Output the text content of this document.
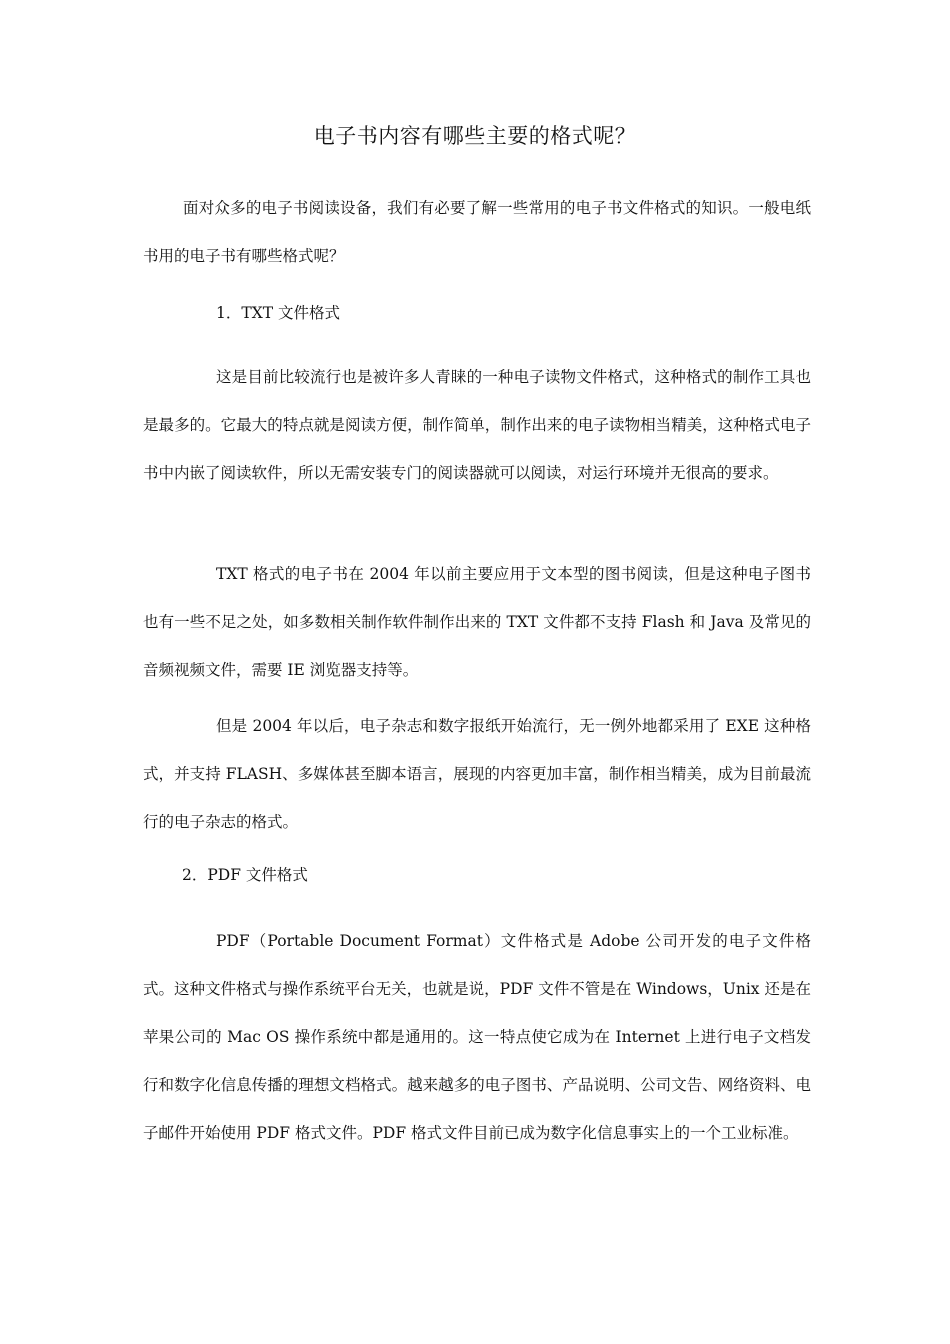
电子书内容有哪些主要的格式呢？

面对众多的电子书阅读设备，我们有必要了解一些常用的电子书文件格式的知识。一般电纸书用的电子书有哪些格式呢？

1．TXT 文件格式

这是目前比较流行也是被许多人青睐的一种电子读物文件格式，这种格式的制作工具也是最多的。它最大的特点就是阅读方便，制作简单，制作出来的电子读物相当精美，这种格式电子书中内嵌了阅读软件，所以无需安装专门的阅读器就可以阅读，对运行环境并无很高的要求。

TXT 格式的电子书在 2004 年以前主要应用于文本型的图书阅读，但是这种电子图书也有一些不足之处，如多数相关制作软件制作出来的 TXT 文件都不支持 Flash 和 Java 及常见的音频视频文件，需要 IE 浏览器支持等。

但是 2004 年以后，电子杂志和数字报纸开始流行，无一例外地都采用了 EXE 这种格式，并支持 FLASH、多媒体甚至脚本语言，展现的内容更加丰富，制作相当精美，成为目前最流行的电子杂志的格式。

2．PDF 文件格式

PDF（Portable Document Format）文件格式是 Adobe 公司开发的电子文件格式。这种文件格式与操作系统平台无关，也就是说，PDF 文件不管是在 Windows，Unix 还是在苹果公司的 Mac OS 操作系统中都是通用的。这一特点使它成为在 Internet 上进行电子文档发行和数字化信息传播的理想文档格式。越来越多的电子图书、产品说明、公司文告、网络资料、电子邮件开始使用 PDF 格式文件。PDF 格式文件目前已成为数字化信息事实上的一个工业标准。
